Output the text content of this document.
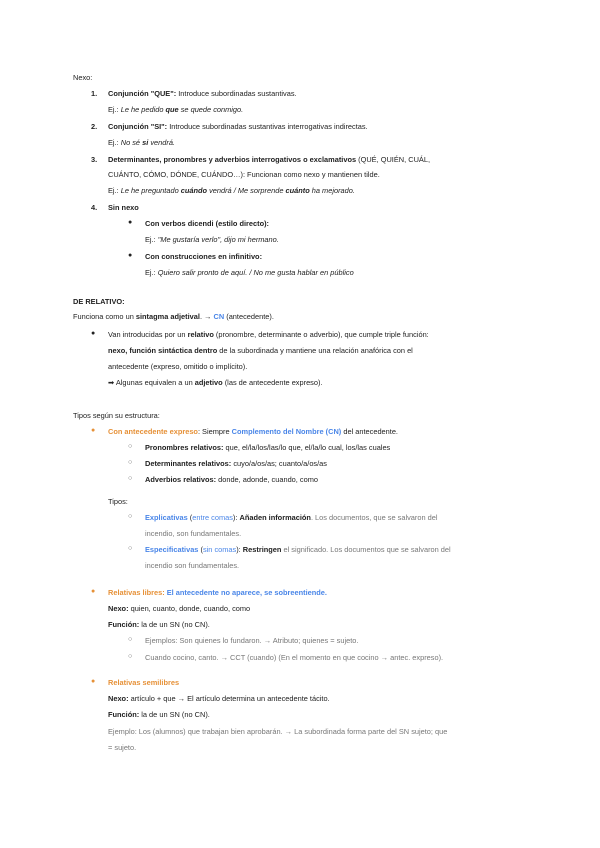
Nexo:
1. Conjunción "QUE": Introduce subordinadas sustantivas.
Ej.: Le he pedido que se quede conmigo.
2. Conjunción "SI": Introduce subordinadas sustantivas interrogativas indirectas.
Ej.: No sé si vendrá.
3. Determinantes, pronombres y adverbios interrogativos o exclamativos (QUÉ, QUIÉN, CUÁL,
CUÁNTO, CÓMO, DÓNDE, CUÁNDO…): Funcionan como nexo y mantienen tilde.
Ej.: Le he preguntado cuándo vendrá / Me sorprende cuánto ha mejorado.
4. Sin nexo
● Con verbos dicendi (estilo directo):
Ej.: "Me gustaría verlo", dijo mi hermano.
● Con construcciones en infinitivo:
Ej.: Quiero salir pronto de aquí. / No me gusta hablar en público
DE RELATIVO:
Funciona como un sintagma adjetival. → CN (antecedente).
● Van introducidas por un relativo (pronombre, determinante o adverbio), que cumple triple función:
nexo, función sintáctica dentro de la subordinada y mantiene una relación anafórica con el
antecedente (expreso, omitido o implícito).
➡ Algunas equivalen a un adjetivo (las de antecedente expreso).
Tipos según su estructura:
● Con antecedente expreso: Siempre Complemento del Nombre (CN) del antecedente.
○ Pronombres relativos: que, el/la/los/las/lo que, el/la/lo cual, los/las cuales
○ Determinantes relativos: cuyo/a/os/as; cuanto/a/os/as
○ Adverbios relativos: donde, adonde, cuando, como
Tipos:
○ Explicativas (entre comas): Añaden información. Los documentos, que se salvaron del
incendio, son fundamentales.
○ Especificativas (sin comas): Restringen el significado. Los documentos que se salvaron del
incendio son fundamentales.
● Relativas libres: El antecedente no aparece, se sobreentiende.
Nexo: quien, cuanto, donde, cuando, como
Función: la de un SN (no CN).
○ Ejemplos: Son quienes lo fundaron. → Atributo; quienes = sujeto.
○ Cuando cocino, canto. → CCT (cuando) (En el momento en que cocino → antec. expreso).
● Relativas semilibres
Nexo: artículo + que → El artículo determina un antecedente tácito.
Función: la de un SN (no CN).
Ejemplo: Los (alumnos) que trabajan bien aprobarán. → La subordinada forma parte del SN sujeto; que
= sujeto.
